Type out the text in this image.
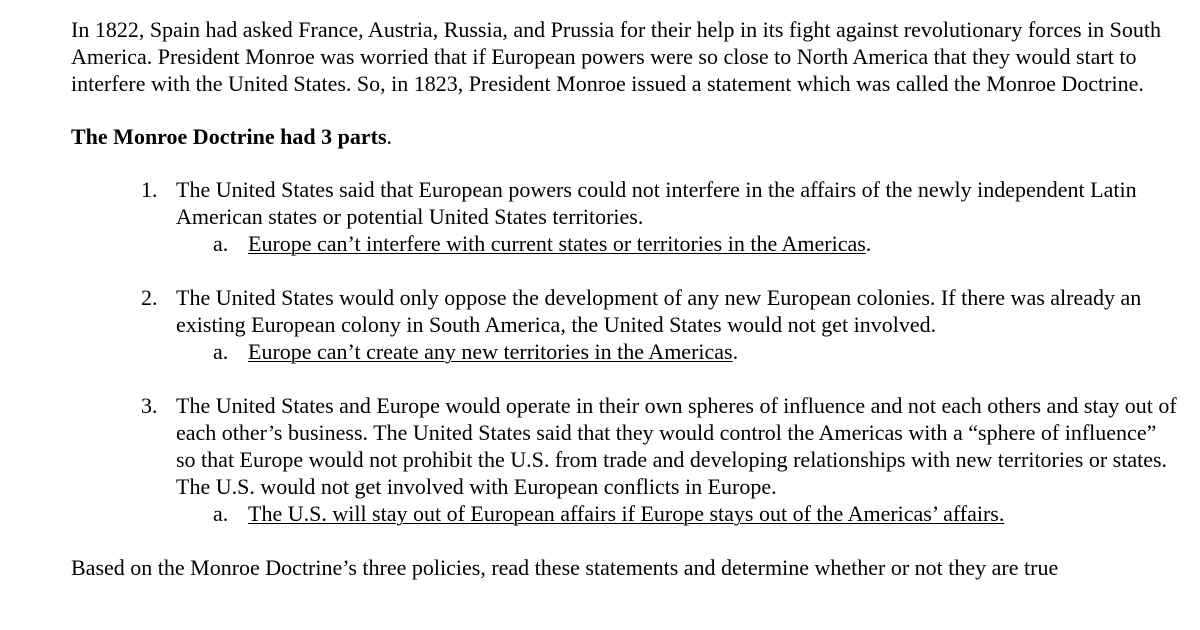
In 1822, Spain had asked France, Austria, Russia, and Prussia for their help in its fight against revolutionary forces in South America. President Monroe was worried that if European powers were so close to North America that they would start to interfere with the United States. So, in 1823, President Monroe issued a statement which was called the Monroe Doctrine.

The Monroe Doctrine had 3 parts.

1. The United States said that European powers could not interfere in the affairs of the newly independent Latin American states or potential United States territories.
a. Europe can’t interfere with current states or territories in the Americas.
2. The United States would only oppose the development of any new European colonies. If there was already an existing European colony in South America, the United States would not get involved.
a. Europe can’t create any new territories in the Americas.
3. The United States and Europe would operate in their own spheres of influence and not each others and stay out of each other’s business. The United States said that they would control the Americas with a “sphere of influence” so that Europe would not prohibit the U.S. from trade and developing relationships with new territories or states. The U.S. would not get involved with European conflicts in Europe.
a. The U.S. will stay out of European affairs if Europe stays out of the Americas’ affairs.

Based on the Monroe Doctrine’s three policies, read these statements and determine whether or not they are true
